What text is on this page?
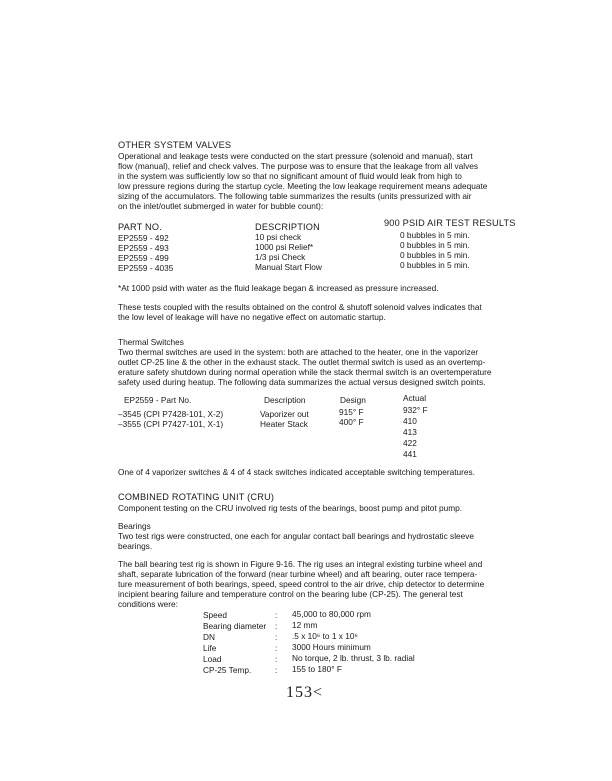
OTHER SYSTEM VALVES
Operational and leakage tests were conducted on the start pressure (solenoid and manual), start
flow (manual), relief and check valves. The purpose was to ensure that the leakage from all valves
in the system was sufficiently low so that no significant amount of fluid would leak from high to
low pressure regions during the startup cycle. Meeting the low leakage requirement means adequate
sizing of the accumulators. The following table summarizes the results (units pressurized with air
on the inlet/outlet submerged in water for bubble count):
PART NO.	DESCRIPTION	900 PSID AIR TEST RESULTS
EP2559 - 492	10 psi check	0 bubbles in 5 min.
EP2559 - 493	1000 psi Relief*	0 bubbles in 5 min.
EP2559 - 499	1/3 psi Check	0 bubbles in 5 min.
EP2559 - 4035	Manual Start Flow	0 bubbles in 5 min.
*At 1000 psid with water as the fluid leakage began & increased as pressure increased.
These tests coupled with the results obtained on the control & shutoff solenoid valves indicates that
the low level of leakage will have no negative effect on automatic startup.
Thermal Switches
Two thermal switches are used in the system: both are attached to the heater, one in the vaporizer
outlet CP-25 line & the other in the exhaust stack. The outlet thermal switch is used as an overtemp-
erature safety shutdown during normal operation while the stack thermal switch is an overtemperature
safety used during heatup. The following data summarizes the actual versus designed switch points.
EP2559 - Part No.	Description	Design	Actual
–3545 (CPI P7428-101, X-2)	Vaporizer out	915° F	932° F
–3555 (CPI P7427-101, X-1)	Heater Stack	400° F	410
413
422
441
One of 4 vaporizer switches & 4 of 4 stack switches indicated acceptable switching temperatures.
COMBINED ROTATING UNIT (CRU)
Component testing on the CRU involved rig tests of the bearings, boost pump and pitot pump.
Bearings
Two test rigs were constructed, one each for angular contact ball bearings and hydrostatic sleeve
bearings.
The ball bearing test rig is shown in Figure 9-16. The rig uses an integral existing turbine wheel and
shaft, separate lubrication of the forward (near turbine wheel) and aft bearing, outer race tempera-
ture measurement of both bearings, speed, speed control to the air drive, chip detector to determine
incipient bearing failure and temperature control on the bearing lube (CP-25). The general test
conditions were:
Speed	: 45,000 to 80,000 rpm
Bearing diameter : 12 mm
DN	: .5 x 10⁶ to 1 x 10⁶
Life	: 3000 Hours minimum
Load	: No torque, 2 lb. thrust, 3 lb. radial
CP-25 Temp.	: 155 to 180° F
153<
